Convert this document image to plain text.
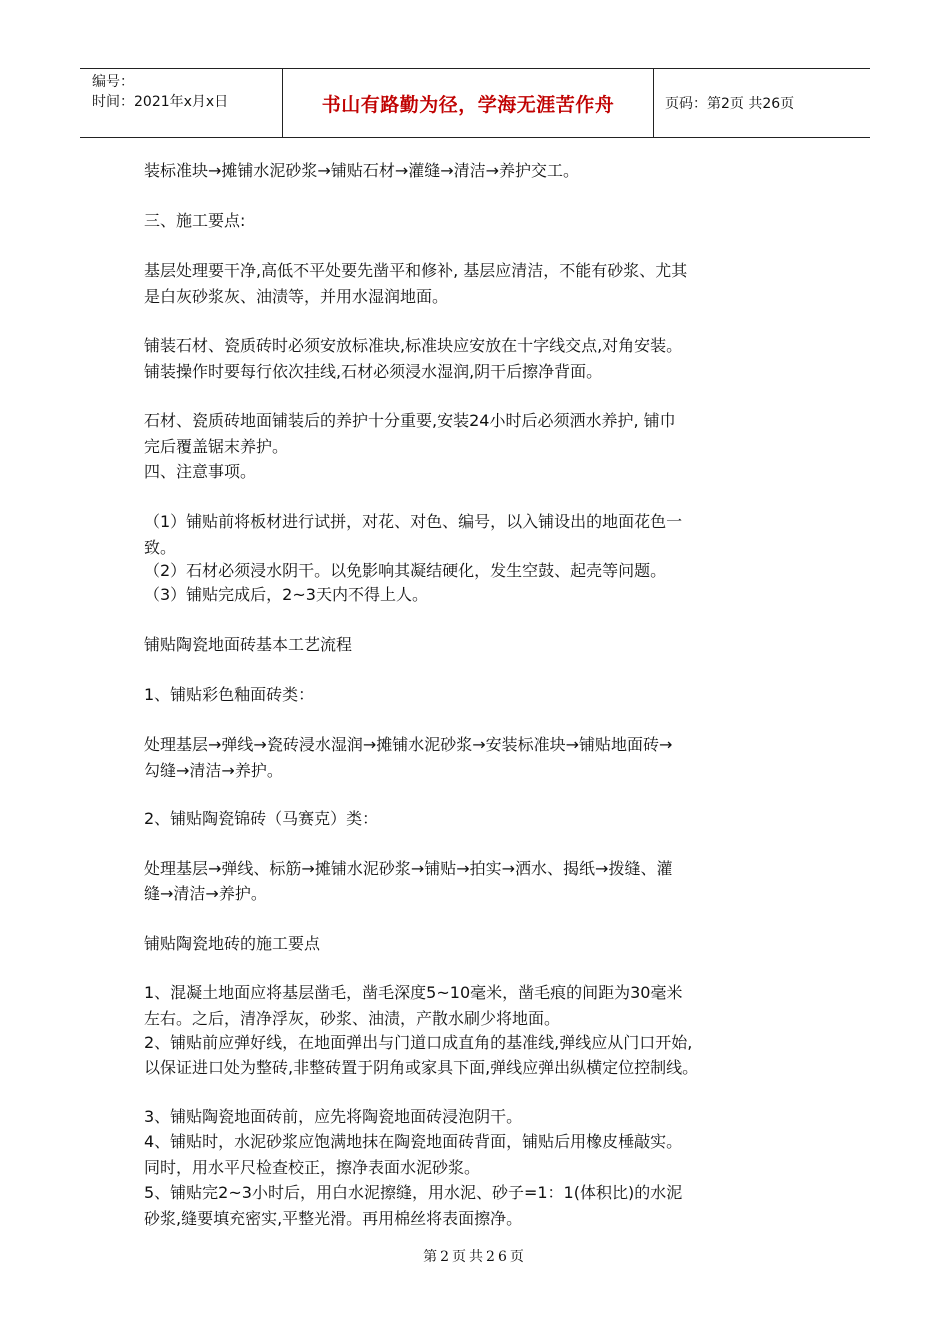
编号：
时间：2021年x月x日	书山有路勤为径，学海无涯苦作舟	页码：第2页 共26页

装标准块→摊铺水泥砂浆→铺贴石材→灌缝→清洁→养护交工。

三、施工要点:

基层处理要干净,高低不平处要先凿平和修补, 基层应清洁，不能有砂浆、尤其

是白灰砂浆灰、油渍等，并用水湿润地面。

铺装石材、瓷质砖时必须安放标准块,标准块应安放在十字线交点,对角安装。

铺装操作时要每行依次挂线,石材必须浸水湿润,阴干后擦净背面。

石材、瓷质砖地面铺装后的养护十分重要,安装24小时后必须洒水养护, 铺巾

完后覆盖锯末养护。

四、注意事项。

（1）铺贴前将板材进行试拼，对花、对色、编号，以入铺设出的地面花色一

致。

（2）石材必须浸水阴干。以免影响其凝结硬化，发生空鼓、起壳等问题。

（3）铺贴完成后，2~3天内不得上人。

铺贴陶瓷地面砖基本工艺流程

1、铺贴彩色釉面砖类：

处理基层→弹线→瓷砖浸水湿润→摊铺水泥砂浆→安装标准块→铺贴地面砖→

勾缝→清洁→养护。

2、铺贴陶瓷锦砖（马赛克）类：

处理基层→弹线、标筋→摊铺水泥砂浆→铺贴→拍实→洒水、揭纸→拨缝、灌

缝→清洁→养护。

铺贴陶瓷地砖的施工要点

1、混凝土地面应将基层凿毛，凿毛深度5~10毫米，凿毛痕的间距为30毫米

左右。之后，清净浮灰，砂浆、油渍，产散水刷少将地面。

2、铺贴前应弹好线，在地面弹出与门道口成直角的基准线,弹线应从门口开始,

以保证进口处为整砖,非整砖置于阴角或家具下面,弹线应弹出纵横定位控制线。

3、铺贴陶瓷地面砖前，应先将陶瓷地面砖浸泡阴干。

4、铺贴时，水泥砂浆应饱满地抹在陶瓷地面砖背面，铺贴后用橡皮棰敲实。

同时，用水平尺检查校正，擦净表面水泥砂浆。

5、铺贴完2~3小时后，用白水泥擦缝，用水泥、砂子=1：1(体积比)的水泥

砂浆,缝要填充密实,平整光滑。再用棉丝将表面擦净。

第2页共26页
